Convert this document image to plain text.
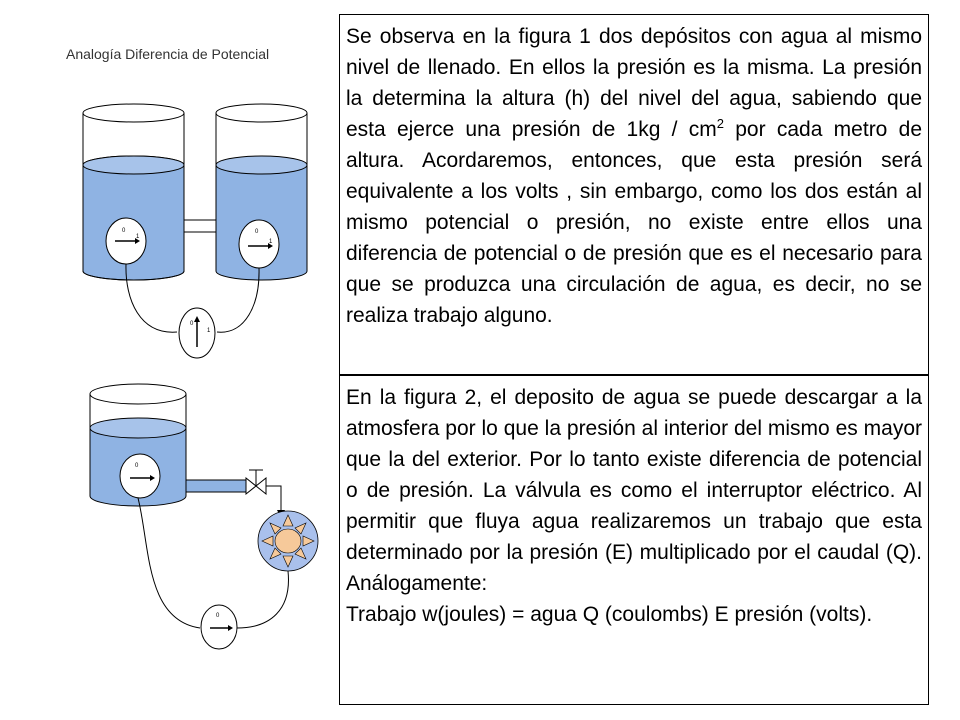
Analogía Diferencia de Potencial
0
1
0
1
0
1
0
0

Se observa en la figura 1 dos depósitos con agua al mismo nivel de llenado. En ellos la presión es la misma. La presión la determina la altura (h) del nivel del agua, sabiendo que esta ejerce una presión de $1kg / cm^2$ por cada metro de altura. Acordaremos, entonces, que esta presión será equivalente a los volts , sin embargo, como los dos están al mismo potencial o presión, no existe entre ellos una diferencia de potencial o de presión que es el necesario para que se produzca una circulación de agua, es decir, no se realiza trabajo alguno.

En la figura 2, el deposito de agua se puede descargar a la atmosfera por lo que la presión al interior del mismo es mayor que la del exterior. Por lo tanto existe diferencia de potencial o de presión. La válvula es como el interruptor eléctrico. Al permitir que fluya agua realizaremos un trabajo que esta determinado por la presión (E) multiplicado por el caudal (Q). Análogamente:

Trabajo w(joules) = agua Q (coulombs) E presión (volts).
